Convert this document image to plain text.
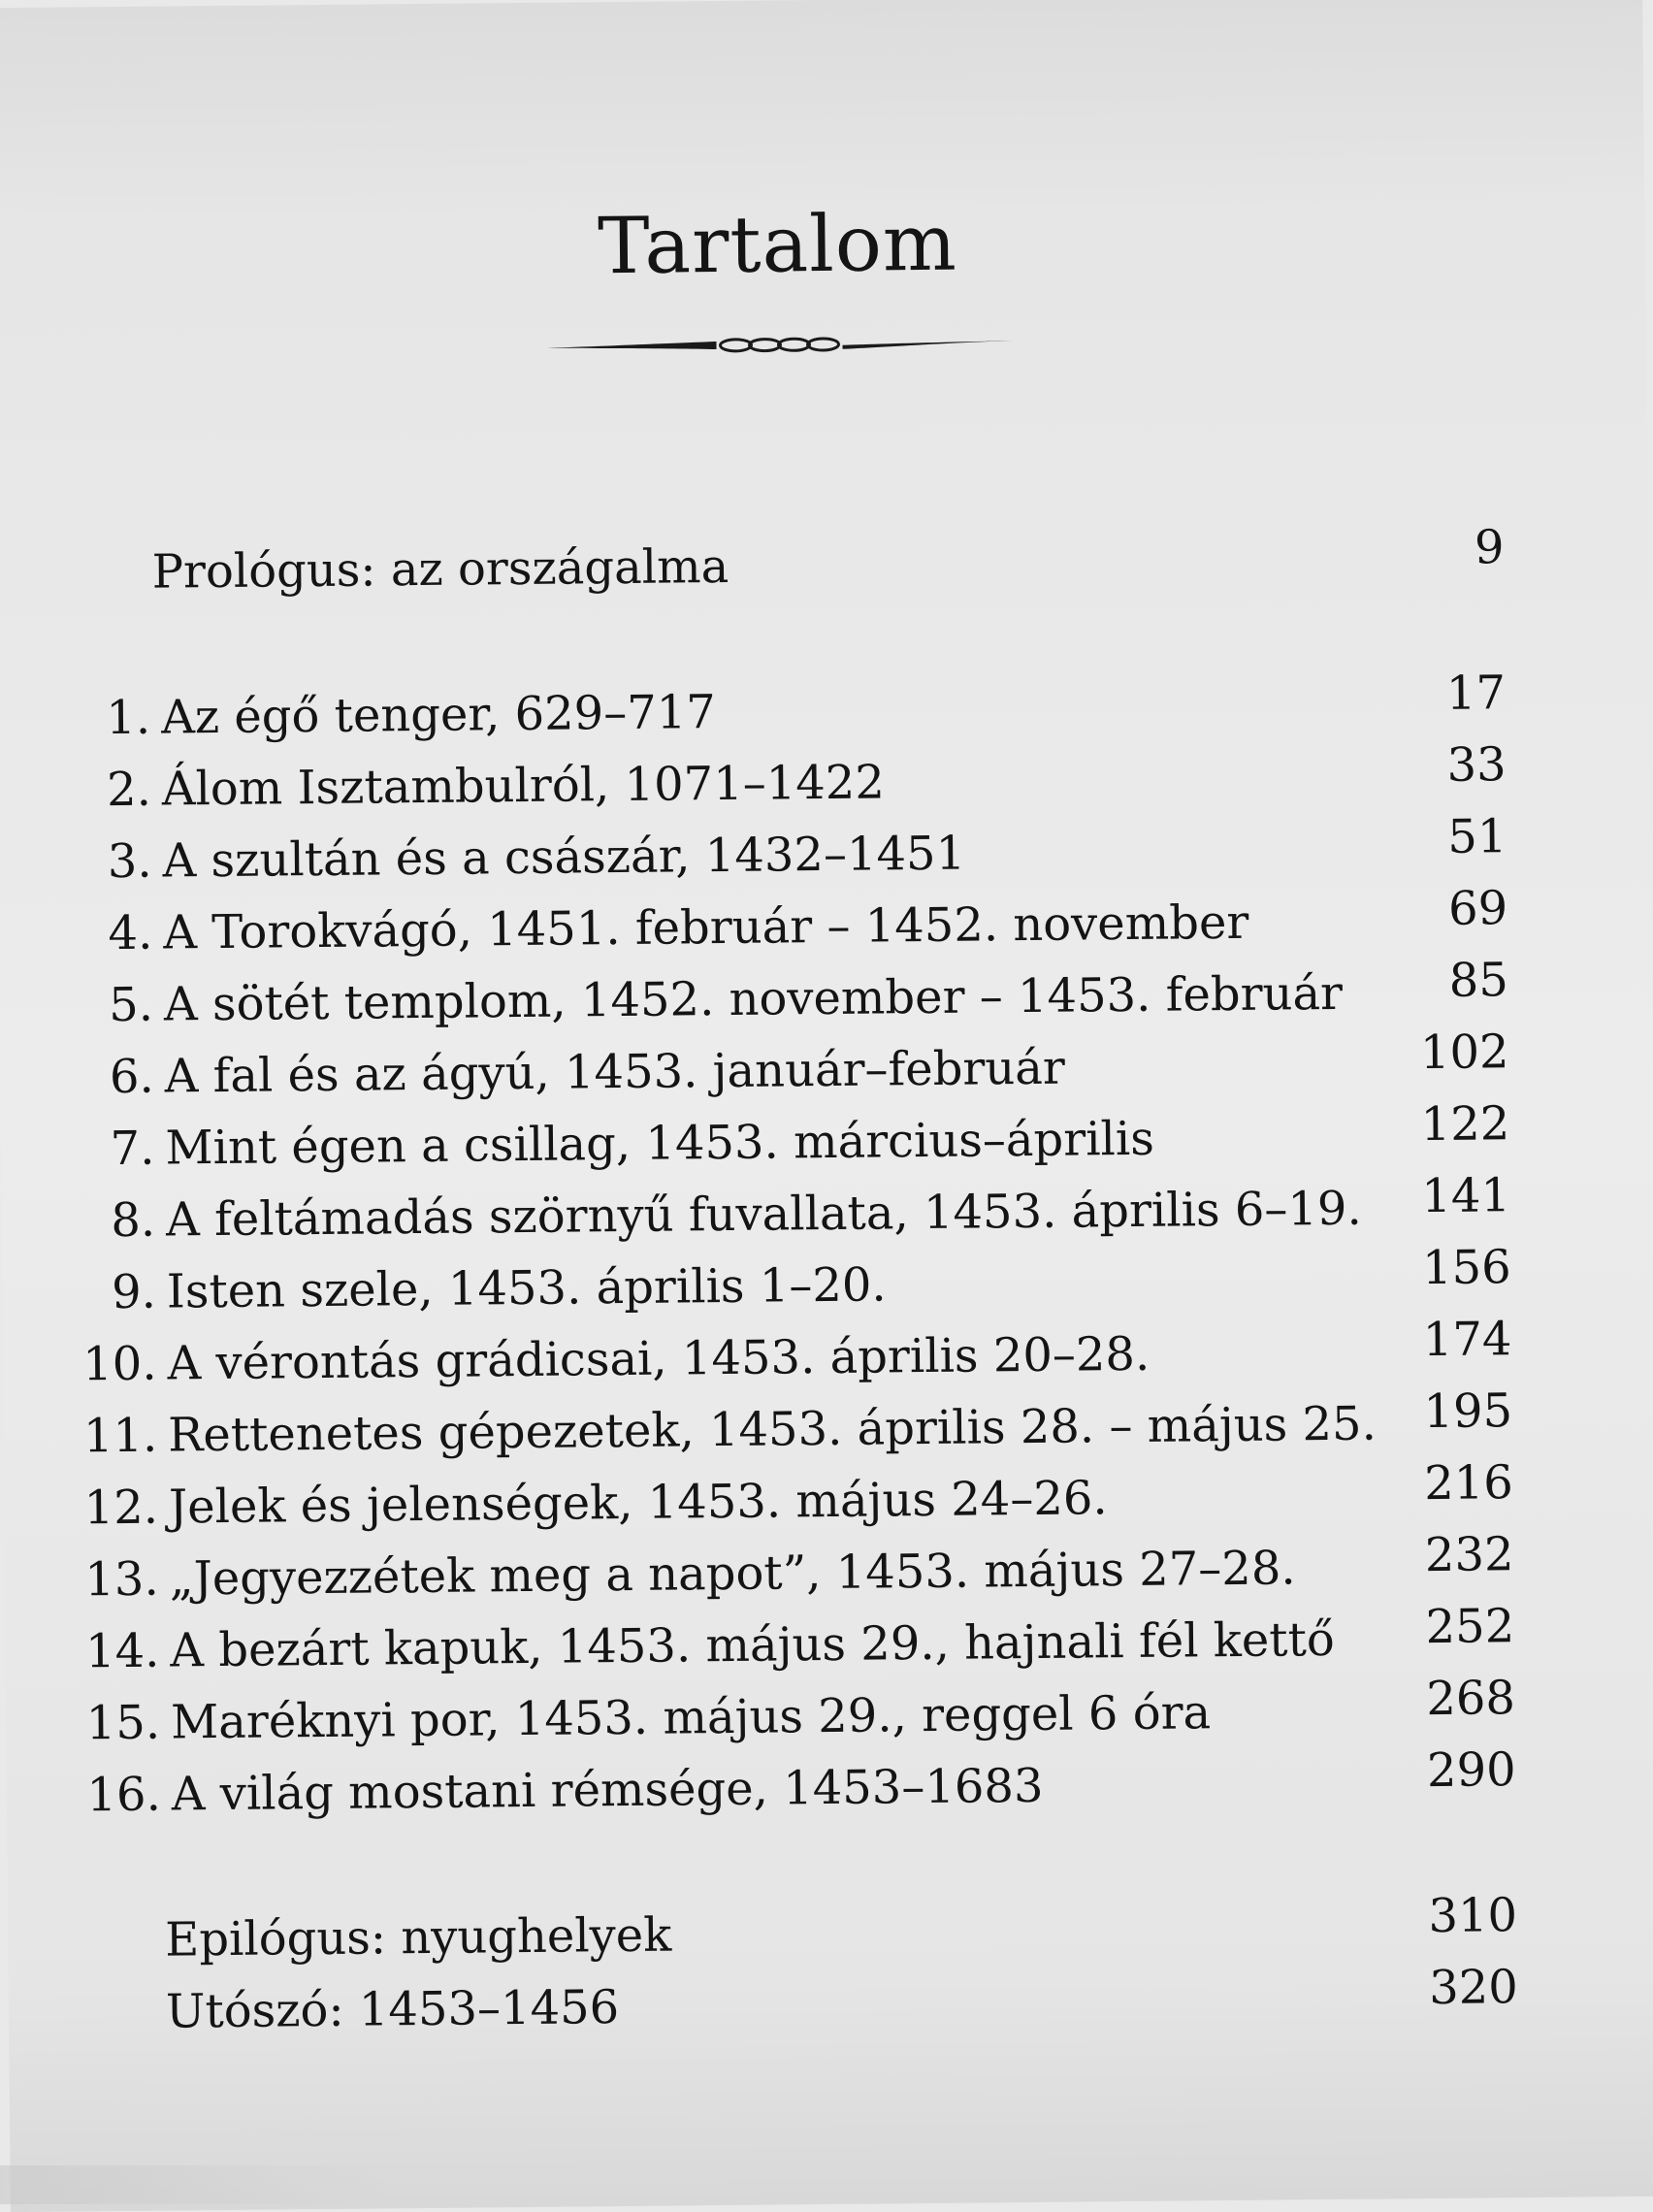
Tartalom
Prológus: az országalma	9
1. Az égő tenger, 629–717	17
2. Álom Isztambulról, 1071–1422	33
3. A szultán és a császár, 1432–1451	51
4. A Torokvágó, 1451. február – 1452. november	69
5. A sötét templom, 1452. november – 1453. február 85
6. A fal és az ágyú, 1453. január–február	102
7. Mint égen a csillag, 1453. március–április	122
8. A feltámadás szörnyű fuvallata, 1453. április 6–19. 141
9. Isten szele, 1453. április 1–20.	156
10. A vérontás grádicsai, 1453. április 20–28.	174
11. Rettenetes gépezetek, 1453. április 28. – május 25. 195
12. Jelek és jelenségek, 1453. május 24–26.	216
13. „Jegyezzétek meg a napot”, 1453. május 27–28.	232
14. A bezárt kapuk, 1453. május 29., hajnali fél kettő 252
15. Maréknyi por, 1453. május 29., reggel 6 óra	268
16. A világ mostani rémsége, 1453–1683	290
Epilógus: nyughelyek	310
Utószó: 1453–1456	320
